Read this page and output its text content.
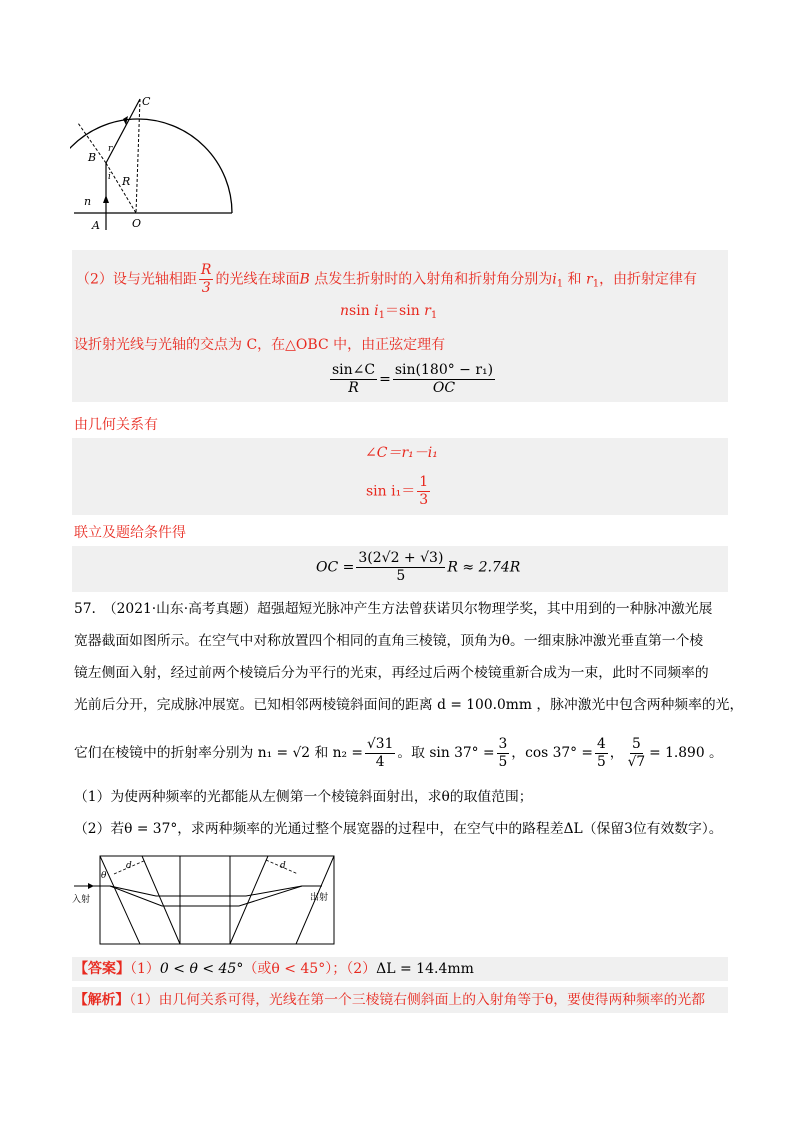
C
B
r
i R
n
O
A
（2）设与光轴相距 $\frac{R}{3}$ 的光线在球面B 点发生折射时的入射角和折射角分别为$i_1$ 和 $r_1$，由折射定律有
nsin $i_1=\sin$ $r_1$
设折射光线与光轴的交点为 C，在△OBC 中，由正弦定理有
$\frac{\sin\angle C}{R} = \frac{\text{sin(180° − r₁)}}{OC}$
由几何关系有
∠C＝r₁－i₁
$\sin i_1= \frac{1}{3}$
联立及题给条件得
OC = $\frac{3(2√2 + √3)}{5}$ R ≈ 2.74R
57.　（2021·山东·高考真题）超强超短光脉冲产生方法曾获诺贝尔物理学奖，其中用到的一种脉冲激光展
宽器截面如图所示。在空气中对称放置四个相同的直角三棱镜，顶角为θ。一细束脉冲激光垂直第一个棱
镜左侧面入射，经过前两个棱镜后分为平行的光束，再经过后两个棱镜重新合成为一束，此时不同频率的
光前后分开，完成脉冲展宽。已知相邻两棱镜斜面间的距离 d = 100.0mm ，脉冲激光中包含两种频率的光，
它们在棱镜中的折射率分别为 n₁ = √2 和 $n_2 = \frac{√31}{4}$ 。取 $\sin 37^\circ = \frac{3}{5}$ ，$\cos 37^\circ = \frac{4}{5}$ ， $\frac{5}{√7} = 1.890$ 。
（1）为使两种频率的光都能从左侧第一个棱镜斜面射出，求θ的取值范围；
（2）若θ = 37°，求两种频率的光通过整个展宽器的过程中，在空气中的路程差ΔL（保留3位有效数字）。
入射	出射
θ
d	d
【答案】（1）0 < θ < 45°（或θ < 45°）；（2）ΔL = 14.4mm
【解析】（1）由几何关系可得，光线在第一个三棱镜右侧斜面上的入射角等于θ，要使得两种频率的光都
